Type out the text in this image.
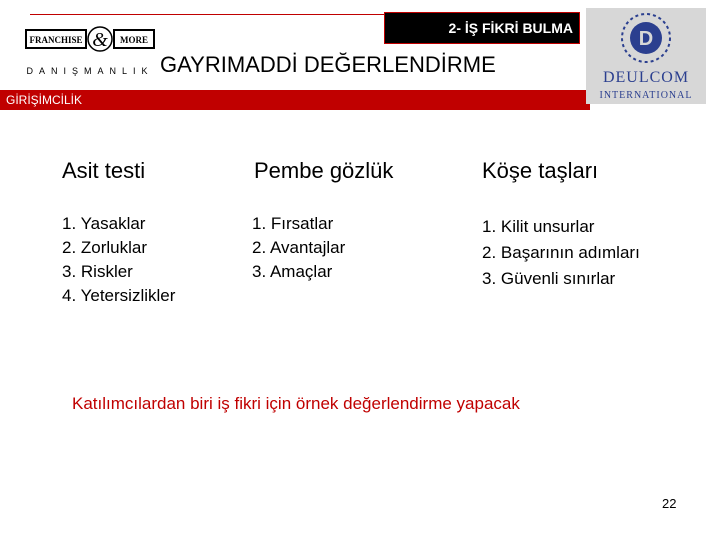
2- İŞ FİKRİ BULMA
FRANCHISE	MORE
&
DANIŞMANLIK GAYRIMADDİ DEĞERLENDİRME
GİRİŞİMCİLİK
D
DEULCOM
INTERNATIONAL
Asit testi	Pembe gözlük	Köşe taşları
1. Yasaklar
2. Zorluklar
3. Riskler
4. Yetersizlikler
1. Fırsatlar
2. Avantajlar
3. Amaçlar
1. Kilit unsurlar
2. Başarının adımları
3. Güvenli sınırlar
Katılımcılardan biri iş fikri için örnek değerlendirme yapacak
22
